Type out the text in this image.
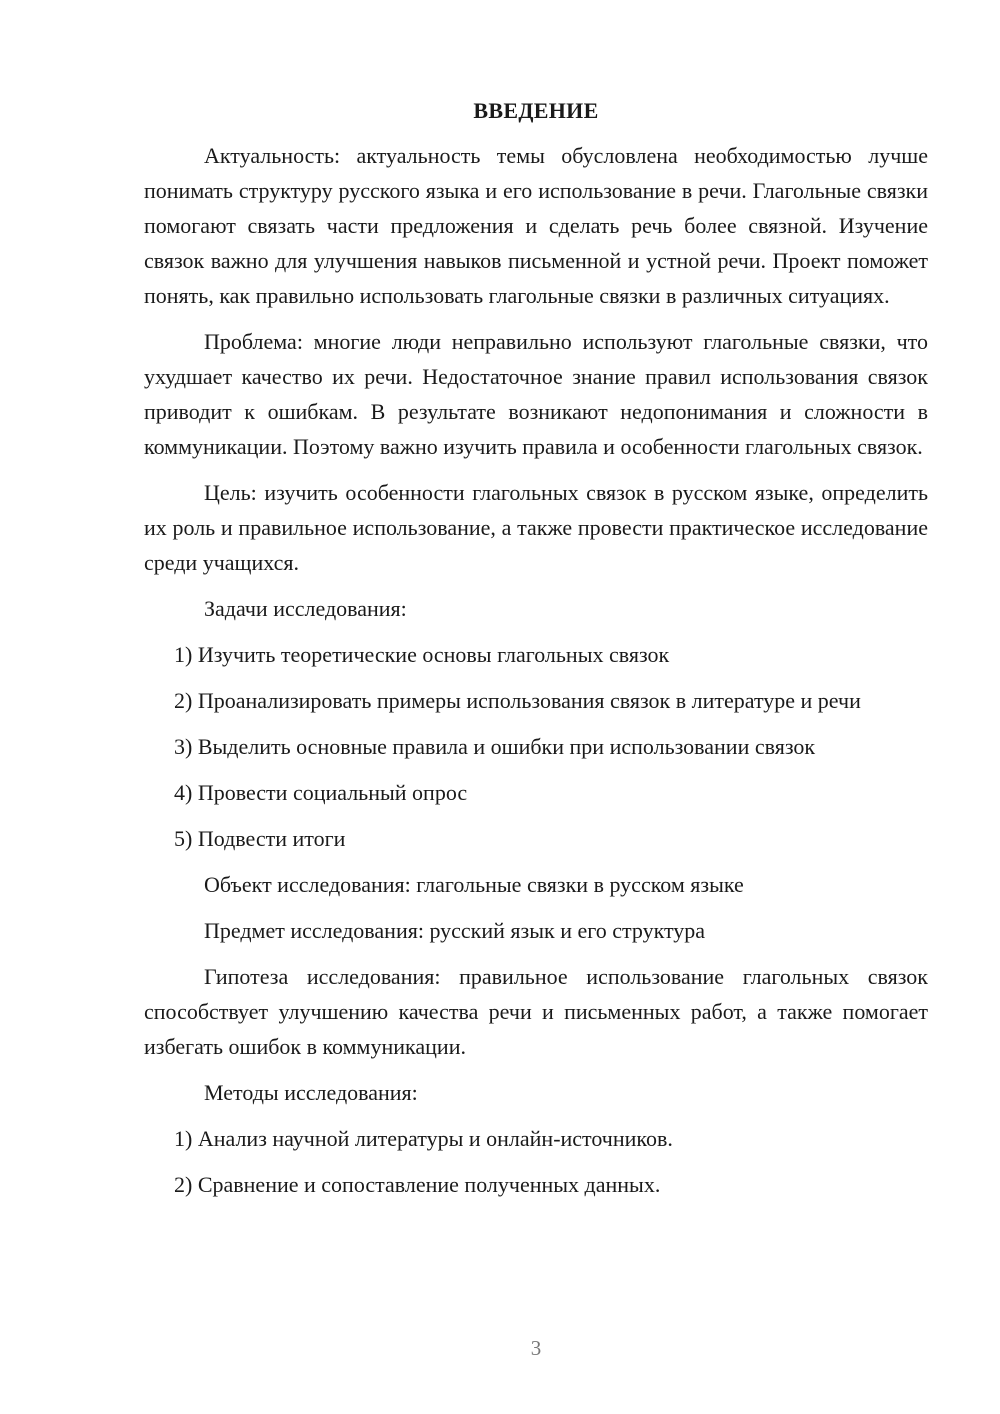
ВВЕДЕНИЕ

Актуальность: актуальность темы обусловлена необходимостью лучше понимать структуру русского языка и его использование в речи. Глагольные связки помогают связать части предложения и сделать речь более связной. Изучение связок важно для улучшения навыков письменной и устной речи. Проект поможет понять, как правильно использовать глагольные связки в различных ситуациях.

Проблема: многие люди неправильно используют глагольные связки, что ухудшает качество их речи. Недостаточное знание правил использования связок приводит к ошибкам. В результате возникают недопонимания и сложности в коммуникации. Поэтому важно изучить правила и особенности глагольных связок.

Цель: изучить особенности глагольных связок в русском языке, определить их роль и правильное использование, а также провести практическое исследование среди учащихся.

Задачи исследования:

1) Изучить теоретические основы глагольных связок

2) Проанализировать примеры использования связок в литературе и речи

3) Выделить основные правила и ошибки при использовании связок

4) Провести социальный опрос

5) Подвести итоги

Объект исследования: глагольные связки в русском языке

Предмет исследования: русский язык и его структура

Гипотеза исследования: правильное использование глагольных связок способствует улучшению качества речи и письменных работ, а также помогает избегать ошибок в коммуникации.

Методы исследования:

1) Анализ научной литературы и онлайн-источников.

2) Сравнение и сопоставление полученных данных.

3
